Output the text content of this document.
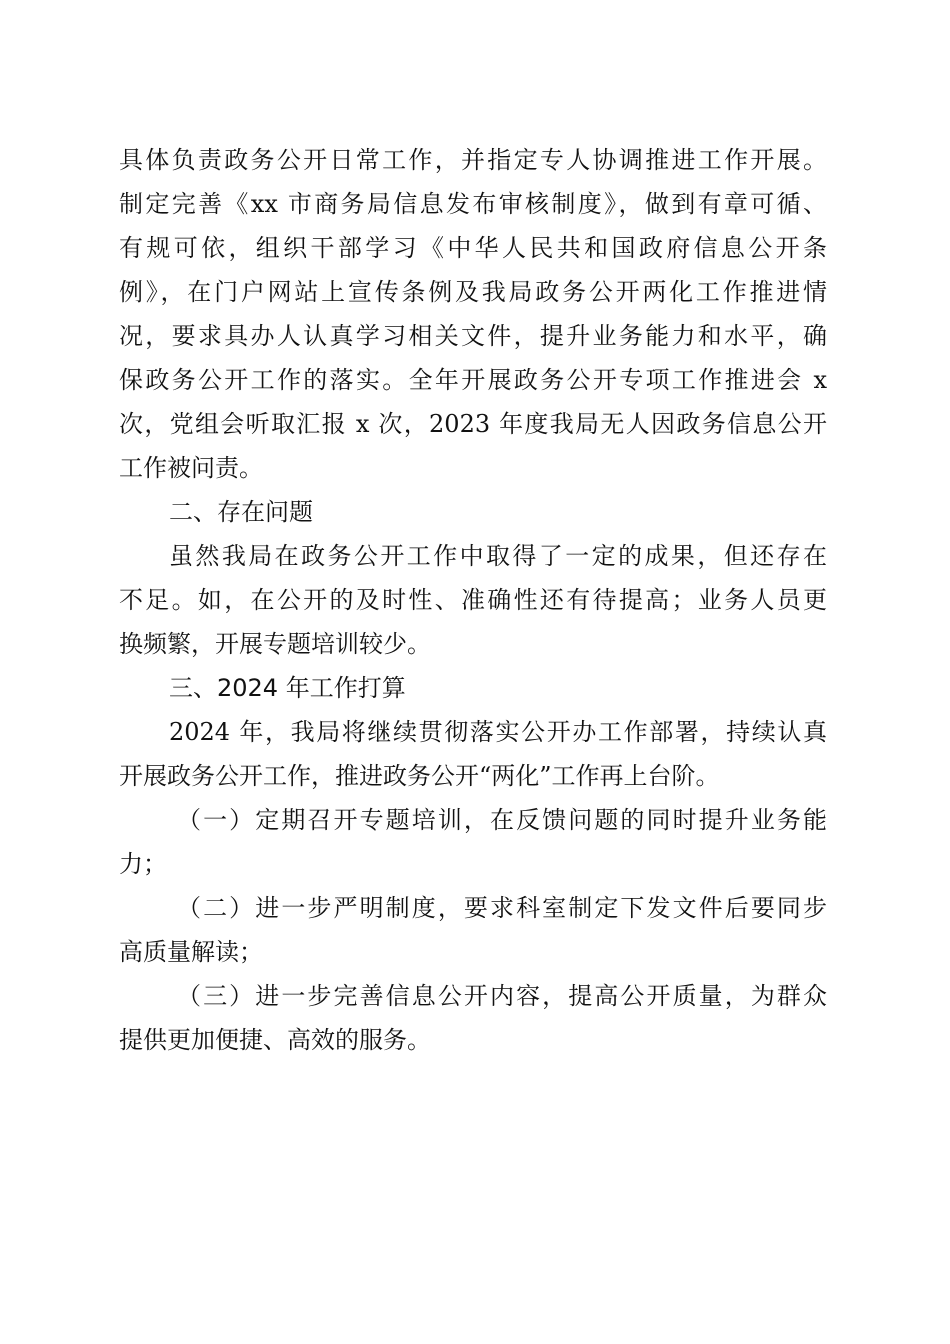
具体负责政务公开日常工作，并指定专人协调推进工作开展。
制定完善《xx 市商务局信息发布审核制度》，做到有章可循、
有规可依，组织干部学习《中华人民共和国政府信息公开条
例》，在门户网站上宣传条例及我局政务公开两化工作推进情
况，要求具办人认真学习相关文件，提升业务能力和水平，确
保政务公开工作的落实。全年开展政务公开专项工作推进会 x
次，党组会听取汇报 x 次，2023 年度我局无人因政务信息公开
工作被问责。
二、存在问题
虽然我局在政务公开工作中取得了一定的成果，但还存在
不足。如，在公开的及时性、准确性还有待提高；业务人员更
换频繁，开展专题培训较少。
三、2024 年工作打算
2024 年，我局将继续贯彻落实公开办工作部署，持续认真
开展政务公开工作，推进政务公开“两化”工作再上台阶。
（一）定期召开专题培训，在反馈问题的同时提升业务能
力；
（二）进一步严明制度，要求科室制定下发文件后要同步
高质量解读；
（三）进一步完善信息公开内容，提高公开质量，为群众
提供更加便捷、高效的服务。
